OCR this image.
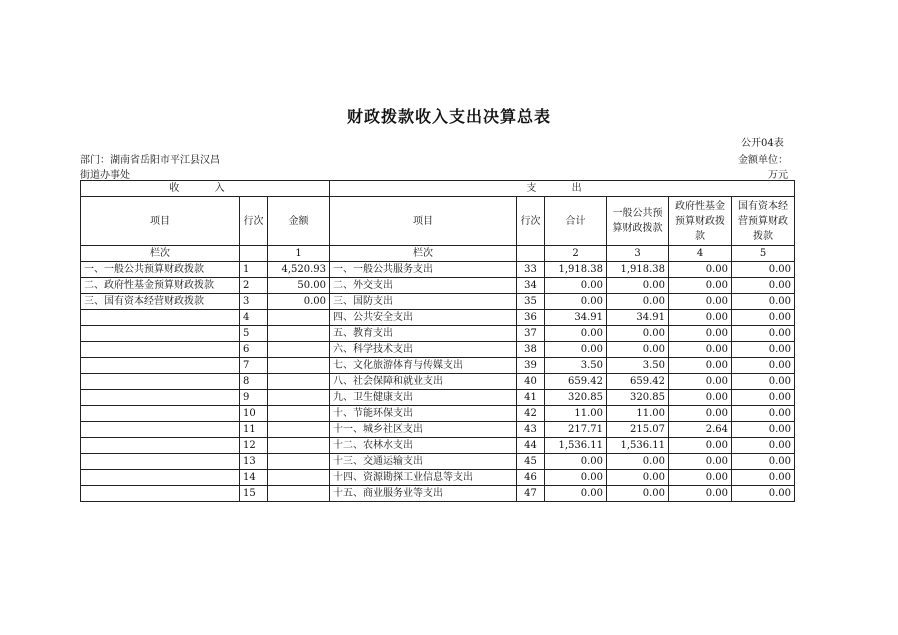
财政拨款收入支出决算总表
公开04表
部门：湖南省岳阳市平江县汉昌
街道办事处
金额单位：
万元
收 入			支 出					
项目	行次	金额	项目	行次	合计	一般公共预算财政拨款	政府性基金预算财政拨款	国有资本经营预算财政拨款
栏次		1	栏次		2	3	4	5
一、一般公共预算财政拨款	1	4,520.93	一、一般公共服务支出	33	1,918.38	1,918.38	0.00	0.00
二、政府性基金预算财政拨款	2	50.00	二、外交支出	34	0.00	0.00	0.00	0.00
三、国有资本经营财政拨款	3	0.00	三、国防支出	35	0.00	0.00	0.00	0.00
	4		四、公共安全支出	36	34.91	34.91	0.00	0.00
	5		五、教育支出	37	0.00	0.00	0.00	0.00
	6		六、科学技术支出	38	0.00	0.00	0.00	0.00
	7		七、文化旅游体育与传媒支出	39	3.50	3.50	0.00	0.00
	8		八、社会保障和就业支出	40	659.42	659.42	0.00	0.00
	9		九、卫生健康支出	41	320.85	320.85	0.00	0.00
	10		十、节能环保支出	42	11.00	11.00	0.00	0.00
	11		十一、城乡社区支出	43	217.71	215.07	2.64	0.00
	12		十二、农林水支出	44	1,536.11	1,536.11	0.00	0.00
	13		十三、交通运输支出	45	0.00	0.00	0.00	0.00
	14		十四、资源勘探工业信息等支出	46	0.00	0.00	0.00	0.00
	15		十五、商业服务业等支出	47	0.00	0.00	0.00	0.00
